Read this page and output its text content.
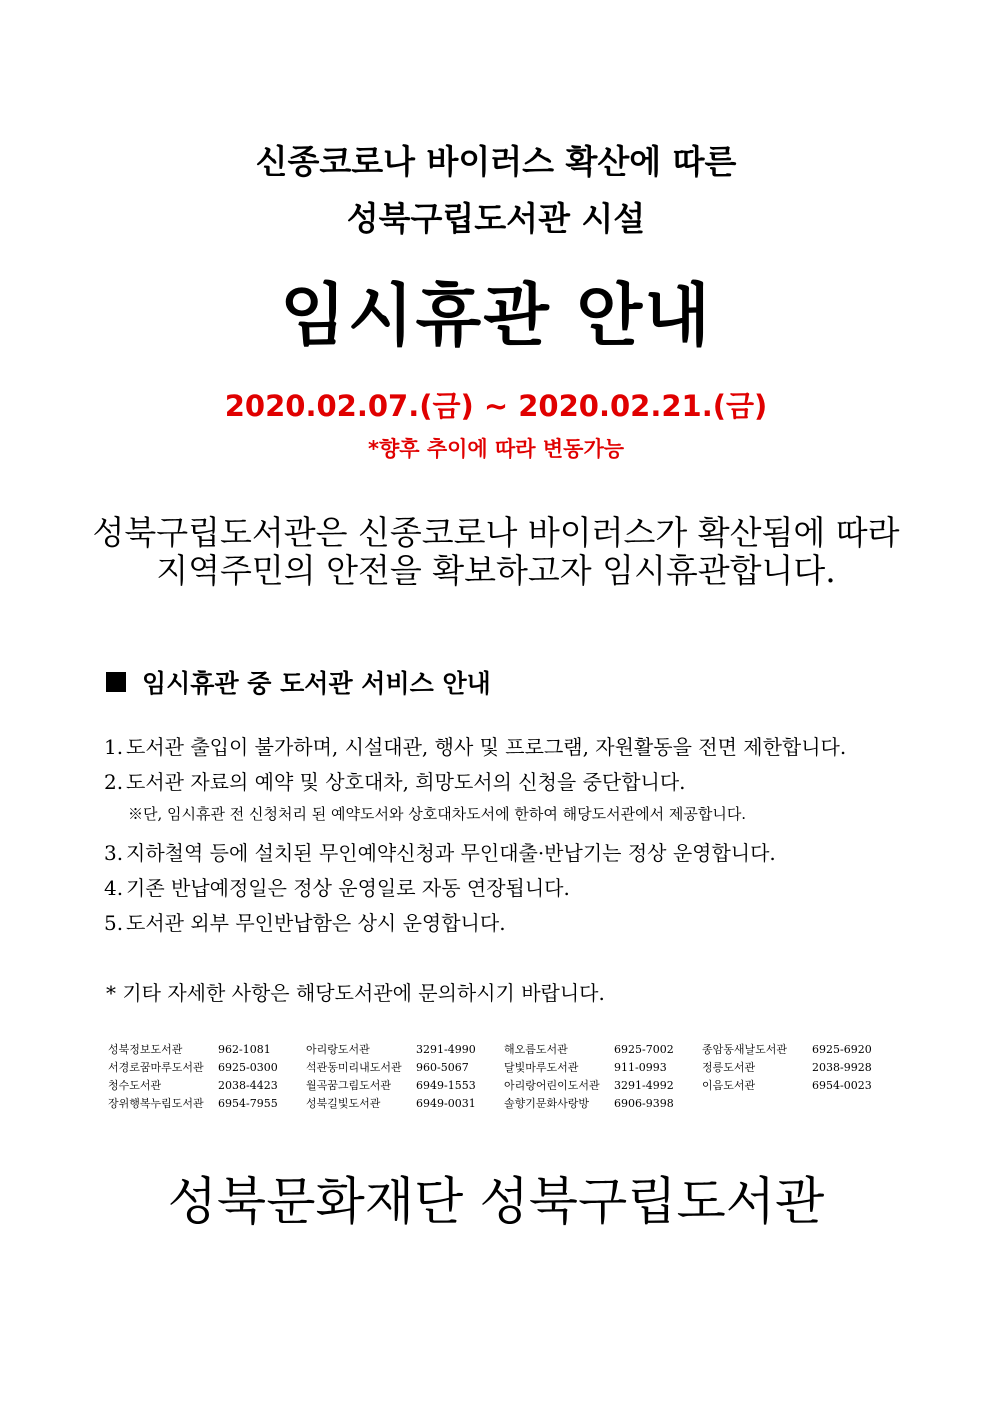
신종코로나 바이러스 확산에 따른
성북구립도서관 시설
임시휴관 안내
2020.02.07.(금) ~ 2020.02.21.(금)
*향후 추이에 따라 변동가능
성북구립도서관은 신종코로나 바이러스가 확산됨에 따라
지역주민의 안전을 확보하고자 임시휴관합니다.
임시휴관 중 도서관 서비스 안내
1. 도서관 출입이 불가하며, 시설대관, 행사 및 프로그램, 자원활동을 전면 제한합니다.
2. 도서관 자료의 예약 및 상호대차, 희망도서의 신청을 중단합니다.
※단, 임시휴관 전 신청처리 된 예약도서와 상호대차도서에 한하여 해당도서관에서 제공합니다.
3. 지하철역 등에 설치된 무인예약신청과 무인대출·반납기는 정상 운영합니다.
4. 기존 반납예정일은 정상 운영일로 자동 연장됩니다.
5. 도서관 외부 무인반납함은 상시 운영합니다.
* 기타 자세한 사항은 해당도서관에 문의하시기 바랍니다.
성북정보도서관	962-1081	아리랑도서관	3291-4990	해오름도서관	6925-7002	종암동새날도서관	6925-6920
서경로꿈마루도서관	6925-0300	석관동미리내도서관	960-5067	달빛마루도서관	911-0993	정릉도서관	2038-9928
청수도서관	2038-4423	월곡꿈그림도서관	6949-1553	아리랑어린이도서관	3291-4992	이음도서관	6954-0023
장위행복누림도서관	6954-7955	성북길빛도서관	6949-0031	솔향기문화사랑방	6906-9398		
성북문화재단 성북구립도서관
